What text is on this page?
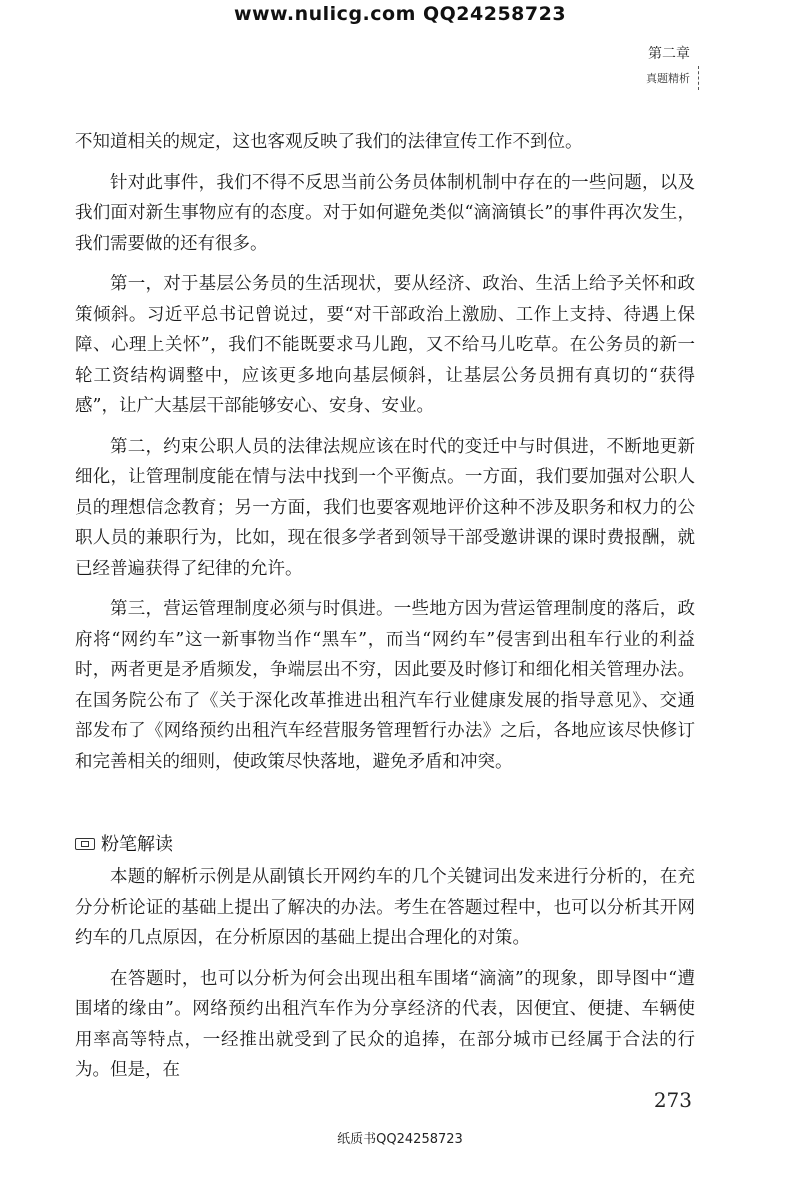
www.nulicg.com QQ24258723
第二章
真题精析

不知道相关的规定，这也客观反映了我们的法律宣传工作不到位。

针对此事件，我们不得不反思当前公务员体制机制中存在的一些问题，以及我们面对新生事物应有的态度。对于如何避免类似“滴滴镇长”的事件再次发生，我们需要做的还有很多。

第一，对于基层公务员的生活现状，要从经济、政治、生活上给予关怀和政策倾斜。习近平总书记曾说过，要“对干部政治上激励、工作上支持、待遇上保障、心理上关怀”，我们不能既要求马儿跑，又不给马儿吃草。在公务员的新一轮工资结构调整中，应该更多地向基层倾斜，让基层公务员拥有真切的“获得感”，让广大基层干部能够安心、安身、安业。

第二，约束公职人员的法律法规应该在时代的变迁中与时俱进，不断地更新细化，让管理制度能在情与法中找到一个平衡点。一方面，我们要加强对公职人员的理想信念教育；另一方面，我们也要客观地评价这种不涉及职务和权力的公职人员的兼职行为，比如，现在很多学者到领导干部受邀讲课的课时费报酬，就已经普遍获得了纪律的允许。

第三，营运管理制度必须与时俱进。一些地方因为营运管理制度的落后，政府将“网约车”这一新事物当作“黑车”，而当“网约车”侵害到出租车行业的利益时，两者更是矛盾频发，争端层出不穷，因此要及时修订和细化相关管理办法。在国务院公布了《关于深化改革推进出租汽车行业健康发展的指导意见》、交通部发布了《网络预约出租汽车经营服务管理暂行办法》之后，各地应该尽快修订和完善相关的细则，使政策尽快落地，避免矛盾和冲突。

粉笔解读

本题的解析示例是从副镇长开网约车的几个关键词出发来进行分析的，在充分分析论证的基础上提出了解决的办法。考生在答题过程中，也可以分析其开网约车的几点原因，在分析原因的基础上提出合理化的对策。

在答题时，也可以分析为何会出现出租车围堵“滴滴”的现象，即导图中“遭围堵的缘由”。网络预约出租汽车作为分享经济的代表，因便宜、便捷、车辆使用率高等特点，一经推出就受到了民众的追捧，在部分城市已经属于合法的行为。但是，在

273
纸质书QQ24258723
